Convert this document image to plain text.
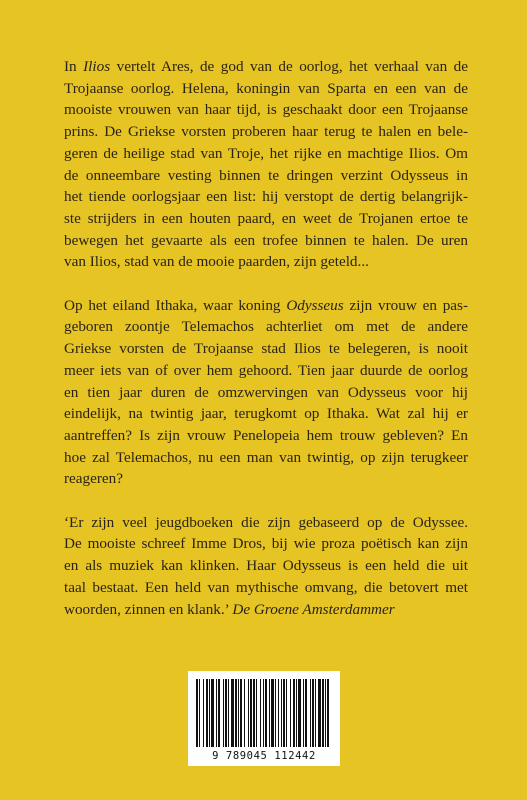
In Ilios vertelt Ares, de god van de oorlog, het verhaal van de
Trojaanse oorlog. Helena, koningin van Sparta en een van de
mooiste vrouwen van haar tijd, is geschaakt door een Trojaanse
prins. De Griekse vorsten proberen haar terug te halen en bele-
geren de heilige stad van Troje, het rijke en machtige Ilios. Om
de onneembare vesting binnen te dringen verzint Odysseus in
het tiende oorlogsjaar een list: hij verstopt de dertig belangrijk-
ste strijders in een houten paard, en weet de Trojanen ertoe te
bewegen het gevaarte als een trofee binnen te halen. De uren
van Ilios, stad van de mooie paarden, zijn geteld...

Op het eiland Ithaka, waar koning Odysseus zijn vrouw en pas-
geboren zoontje Telemachos achterliet om met de andere
Griekse vorsten de Trojaanse stad Ilios te belegeren, is nooit
meer iets van of over hem gehoord. Tien jaar duurde de oorlog
en tien jaar duren de omzwervingen van Odysseus voor hij
eindelijk, na twintig jaar, terugkomt op Ithaka. Wat zal hij er
aantreffen? Is zijn vrouw Penelopeia hem trouw gebleven? En
hoe zal Telemachos, nu een man van twintig, op zijn terugkeer
reageren?

‘Er zijn veel jeugdboeken die zijn gebaseerd op de Odyssee.
De mooiste schreef Imme Dros, bij wie proza poëtisch kan zijn
en als muziek kan klinken. Haar Odysseus is een held die uit
taal bestaat. Een held van mythische omvang, die betovert met
woorden, zinnen en klank.’ De Groene Amsterdammer

9 789045 112442
